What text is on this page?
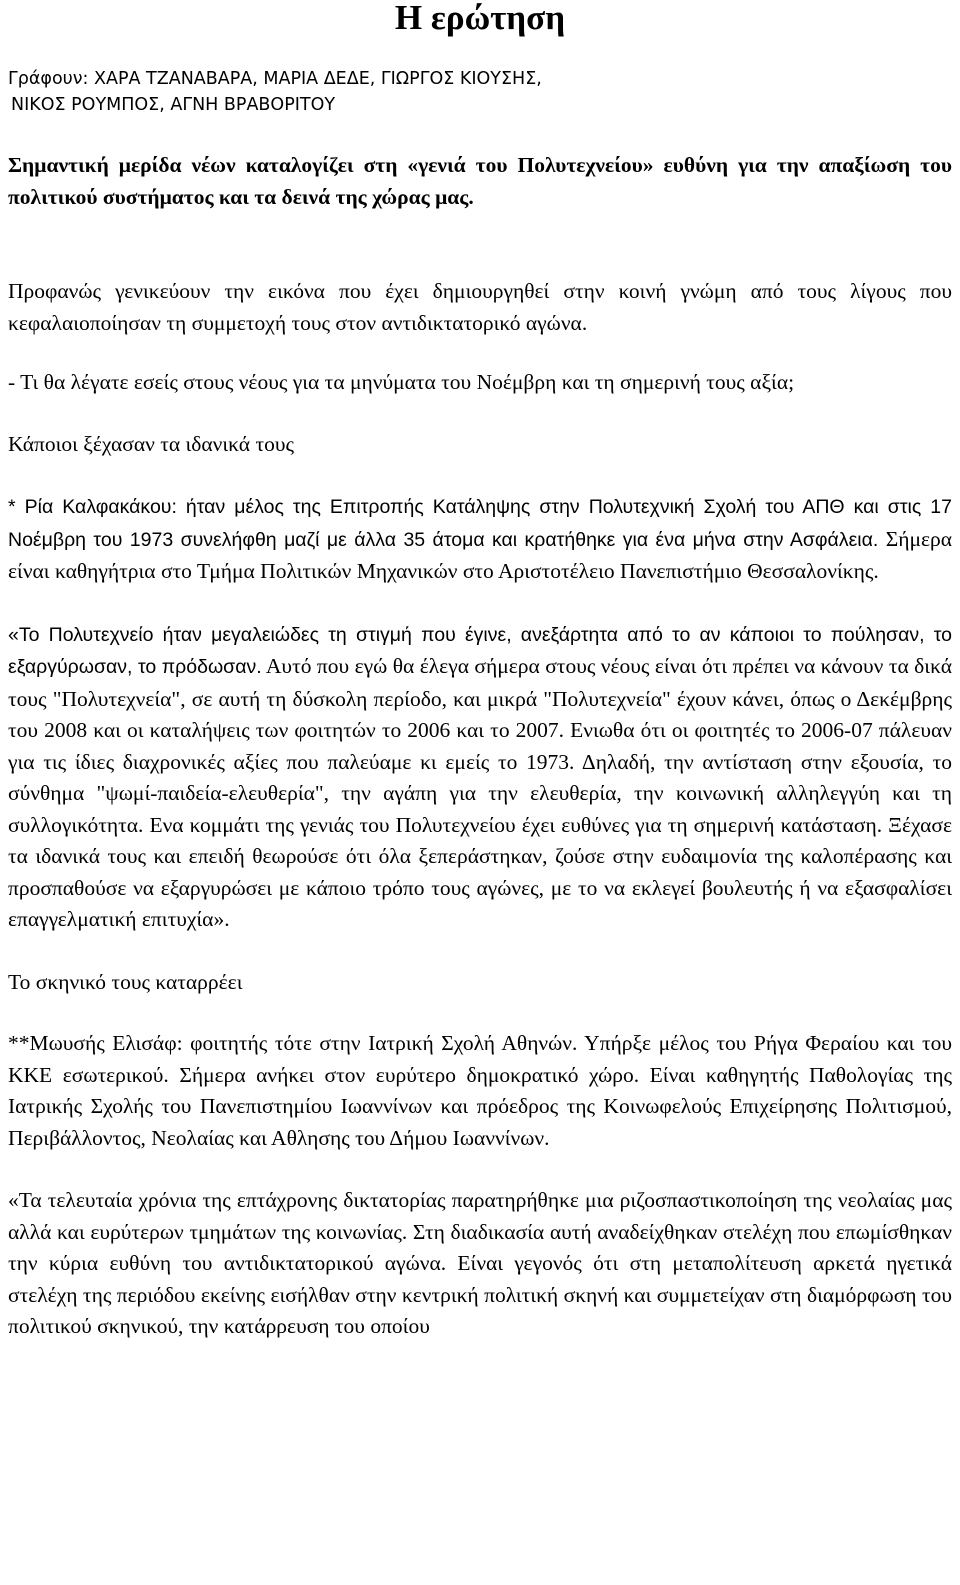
Η ερώτηση
Γράφουν: ΧΑΡΑ ΤΖΑΝΑΒΑΡΑ, ΜΑΡΙΑ ΔΕΔΕ, ΓΙΩΡΓΟΣ ΚΙΟΥΣΗΣ,
ΝΙΚΟΣ ΡΟΥΜΠΟΣ, ΑΓΝΗ ΒΡΑΒΟΡΙΤΟΥ

Σημαντική μερίδα νέων καταλογίζει στη «γενιά του Πολυτεχνείου» ευθύνη για την απαξίωση του πολιτικού συστήματος και τα δεινά της χώρας μας.

Προφανώς γενικεύουν την εικόνα που έχει δημιουργηθεί στην κοινή γνώμη από τους λίγους που κεφαλαιοποίησαν τη συμμετοχή τους στον αντιδικτατορικό αγώνα.

- Τι θα λέγατε εσείς στους νέους για τα μηνύματα του Νοέμβρη και τη σημερινή τους αξία;

Κάποιοι ξέχασαν τα ιδανικά τους

* Ρία Καλφακάκου: ήταν μέλος της Επιτροπής Κατάληψης στην Πολυτεχνική Σχολή του ΑΠΘ και στις 17 Νοέμβρη του 1973 συνελήφθη μαζί με άλλα 35 άτομα και κρατήθηκε για ένα μήνα στην Ασφάλεια. Σήμερα είναι καθηγήτρια στο Τμήμα Πολιτικών Μηχανικών στο Αριστοτέλειο Πανεπιστήμιο Θεσσαλονίκης.

«Το Πολυτεχνείο ήταν μεγαλειώδες τη στιγμή που έγινε, ανεξάρτητα από το αν κάποιοι το πούλησαν, το εξαργύρωσαν, το πρόδωσαν. Αυτό που εγώ θα έλεγα σήμερα στους νέους είναι ότι πρέπει να κάνουν τα δικά τους "Πολυτεχνεία", σε αυτή τη δύσκολη περίοδο, και μικρά "Πολυτεχνεία" έχουν κάνει, όπως ο Δεκέμβρης του 2008 και οι καταλήψεις των φοιτητών το 2006 και το 2007. Ενιωθα ότι οι φοιτητές το 2006-07 πάλευαν για τις ίδιες διαχρονικές αξίες που παλεύαμε κι εμείς το 1973. Δηλαδή, την αντίσταση στην εξουσία, το σύνθημα "ψωμί-παιδεία-ελευθερία", την αγάπη για την ελευθερία, την κοινωνική αλληλεγγύη και τη συλλογικότητα. Ενα κομμάτι της γενιάς του Πολυτεχνείου έχει ευθύνες για τη σημερινή κατάσταση. Ξέχασε τα ιδανικά τους και επειδή θεωρούσε ότι όλα ξεπεράστηκαν, ζούσε στην ευδαιμονία της καλοπέρασης και προσπαθούσε να εξαργυρώσει με κάποιο τρόπο τους αγώνες, με το να εκλεγεί βουλευτής ή να εξασφαλίσει επαγγελματική επιτυχία».

Το σκηνικό τους καταρρέει

**Μωυσής Ελισάφ: φοιτητής τότε στην Ιατρική Σχολή Αθηνών. Υπήρξε μέλος του Ρήγα Φεραίου και του ΚΚΕ εσωτερικού. Σήμερα ανήκει στον ευρύτερο δημοκρατικό χώρο. Είναι καθηγητής Παθολογίας της Ιατρικής Σχολής του Πανεπιστημίου Ιωαννίνων και πρόεδρος της Κοινωφελούς Επιχείρησης Πολιτισμού, Περιβάλλοντος, Νεολαίας και Αθλησης του Δήμου Ιωαννίνων.

«Τα τελευταία χρόνια της επτάχρονης δικτατορίας παρατηρήθηκε μια ριζοσπαστικοποίηση της νεολαίας μας αλλά και ευρύτερων τμημάτων της κοινωνίας. Στη διαδικασία αυτή αναδείχθηκαν στελέχη που επωμίσθηκαν την κύρια ευθύνη του αντιδικτατορικού αγώνα. Είναι γεγονός ότι στη μεταπολίτευση αρκετά ηγετικά στελέχη της περιόδου εκείνης εισήλθαν στην κεντρική πολιτική σκηνή και συμμετείχαν στη διαμόρφωση του πολιτικού σκηνικού, την κατάρρευση του οποίου
